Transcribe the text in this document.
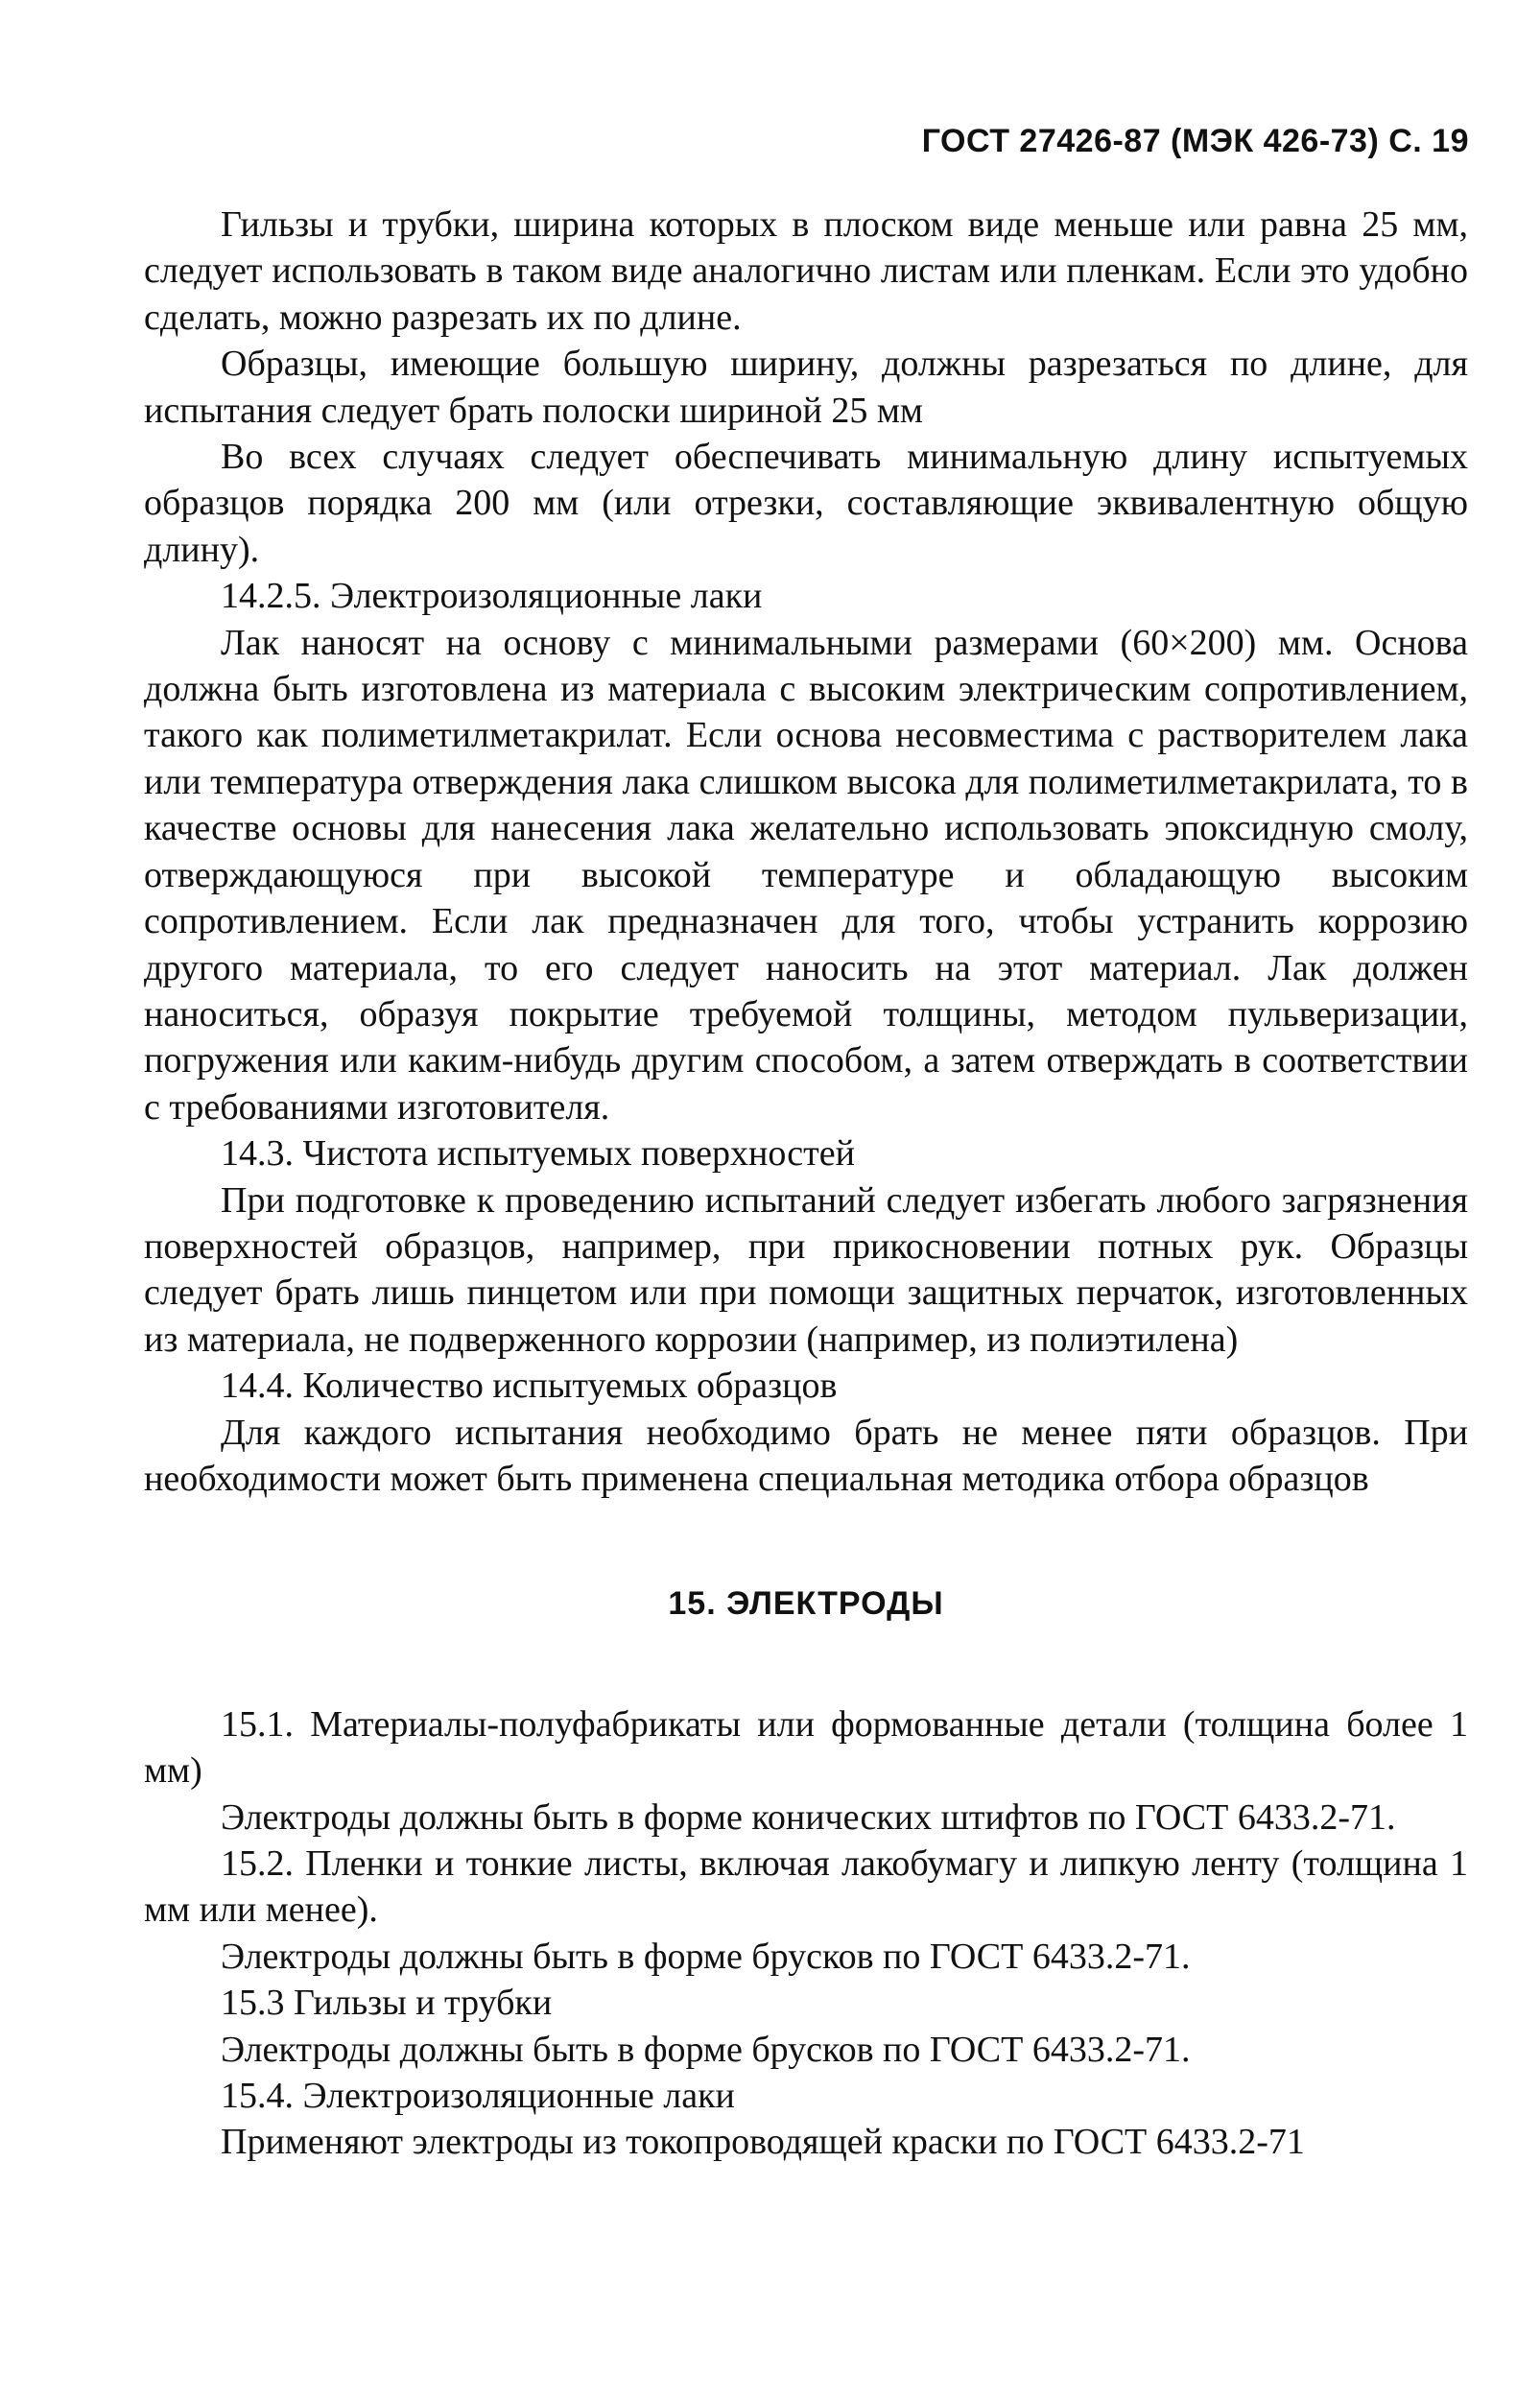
ГОСТ 27426-87 (МЭК 426-73) С. 19

Гильзы и трубки, ширина которых в плоском виде меньше или равна 25 мм, следует использовать в таком виде аналогично листам или пленкам. Если это удобно сделать, можно разрезать их по длине.

Образцы, имеющие большую ширину, должны разрезаться по длине, для испытания следует брать полоски шириной 25 мм

Во всех случаях следует обеспечивать минимальную длину испытуемых образцов порядка 200 мм (или отрезки, составляющие эквивалентную общую длину).

14.2.5. Электроизоляционные лаки

Лак наносят на основу с минимальными размерами (60×200) мм. Основа должна быть изготовлена из материала с высоким электрическим сопротивлением, такого как полиметилметакрилат. Если основа несовместима с растворителем лака или температура отверждения лака слишком высока для полиметилметакрилата, то в качестве основы для нанесения лака желательно использовать эпоксидную смолу, отверждающуюся при высокой температуре и обладающую высоким сопротивлением. Если лак предназначен для того, чтобы устранить коррозию другого материала, то его следует наносить на этот материал. Лак должен наноситься, образуя покрытие требуемой толщины, методом пульверизации, погружения или каким-нибудь другим способом, а затем отверждать в соответствии с требованиями изготовителя.

14.3. Чистота испытуемых поверхностей

При подготовке к проведению испытаний следует избегать любого загрязнения поверхностей образцов, например, при прикосновении потных рук. Образцы следует брать лишь пинцетом или при помощи защитных перчаток, изготовленных из материала, не подверженного коррозии (например, из полиэтилена)

14.4. Количество испытуемых образцов

Для каждого испытания необходимо брать не менее пяти образцов. При необходимости может быть применена специальная методика отбора образцов

15. ЭЛЕКТРОДЫ

15.1. Материалы-полуфабрикаты или формованные детали (толщина более 1 мм)

Электроды должны быть в форме конических штифтов по ГОСТ 6433.2-71.

15.2. Пленки и тонкие листы, включая лакобумагу и липкую ленту (толщина 1 мм или менее).

Электроды должны быть в форме брусков по ГОСТ 6433.2-71.

15.3 Гильзы и трубки

Электроды должны быть в форме брусков по ГОСТ 6433.2-71.

15.4. Электроизоляционные лаки

Применяют электроды из токопроводящей краски по ГОСТ 6433.2-71
